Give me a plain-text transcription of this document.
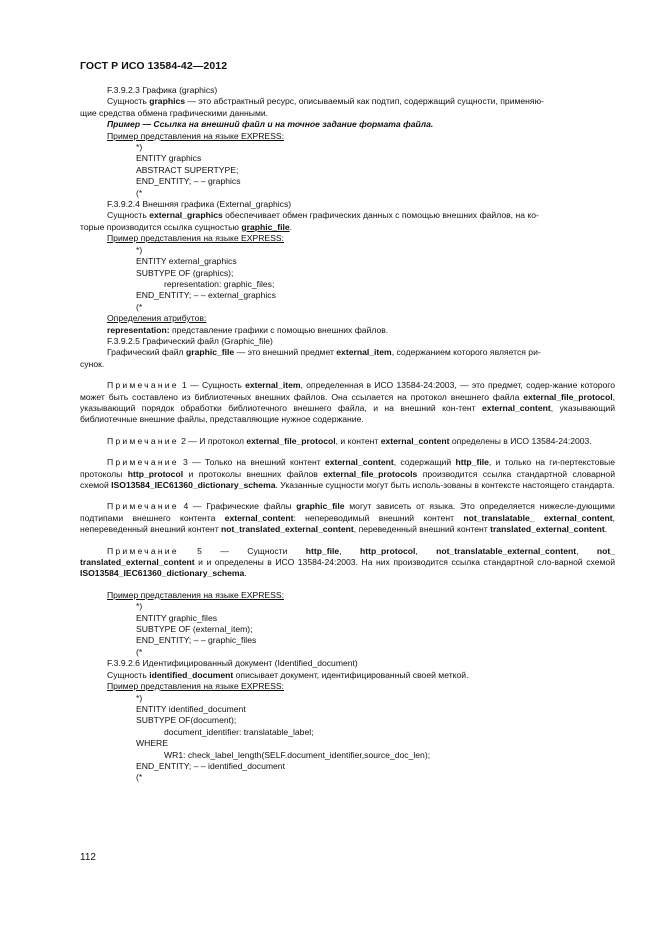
ГОСТ Р ИСО 13584-42—2012
F.3.9.2.3 Графика (graphics)
Сущность graphics — это абстрактный ресурс, описываемый как подтип, содержащий сущности, применяю-
щие средства обмена графическими данными.
Пример — Ссылка на внешний файл и на точное задание формата файла.
Пример представления на языке EXPRESS:
*)
ENTITY graphics
ABSTRACT SUPERTYPE;
END_ENTITY; – – graphics
(*
F.3.9.2.4 Внешняя графика (External_graphics)
Сущность external_graphics обеспечивает обмен графических данных с помощью внешних файлов, на ко-
торые производится ссылка сущностью graphic_file.
Пример представления на языке EXPRESS:
*)
ENTITY external_graphics
SUBTYPE OF (graphics);
representation: graphic_files;
END_ENTITY; – – external_graphics
(*
Определения атрибутов:
representation: представление графики с помощью внешних файлов.
F.3.9.2.5 Графический файл (Graphic_file)
Графический файл graphic_file — это внешний предмет external_item, содержанием которого является ри-
сунок.
Примечание 1 — Сущность external_item, определенная в ИСО 13584-24:2003, — это предмет, содер-жание которого может быть составлено из библиотечных внешних файлов. Она ссылается на протокол внешнего файла external_file_protocol, указывающий порядок обработки библиотечного внешнего файла, и на внешний кон-тент external_content, указывающий библиотечные внешние файлы, представляющие нужное содержание.
Примечание 2 — И протокол external_file_protocol, и контент external_content определены в ИСО 13584-24:2003.
Примечание 3 — Только на внешний контент external_content, содержащий http_file, и только на ги-пертекстовые протоколы http_protocol и протоколы внешних файлов external_file_protocols производится ссылка стандартной словарной схемой ISO13584_IEC61360_dictionary_schema. Указанные сущности могут быть исполь-зованы в контексте настоящего стандарта.
Примечание 4 — Графические файлы graphic_file могут зависеть от языка. Это определяется нижесле-дующими подтипами внешнего контента external_content: непереводимый внешний контент not_translatable_ external_content, непереведенный внешний контент not_translated_external_content, переведенный внешний контент translated_external_content.
Примечание 5 — Сущности http_file, http_protocol, not_translatable_external_content, not_ translated_external_content и и определены в ИСО 13584-24:2003. На них производится ссылка стандартной сло-варной схемой ISO13584_IEC61360_dictionary_schema.
Пример представления на языке EXPRESS:
*)
ENTITY graphic_files
SUBTYPE OF (external_item);
END_ENTITY; – – graphic_files
(*
F.3.9.2.6 Идентифицированный документ (Identified_document)
Сущность identified_document описывает документ, идентифицированный своей меткой.
Пример представления на языке EXPRESS:
*)
ENTITY identified_document
SUBTYPE OF(document);
document_identifier: translatable_label;
WHERE
WR1: check_label_length(SELF.document_identifier,source_doc_len);
END_ENTITY; – – identified_document
(*
112
